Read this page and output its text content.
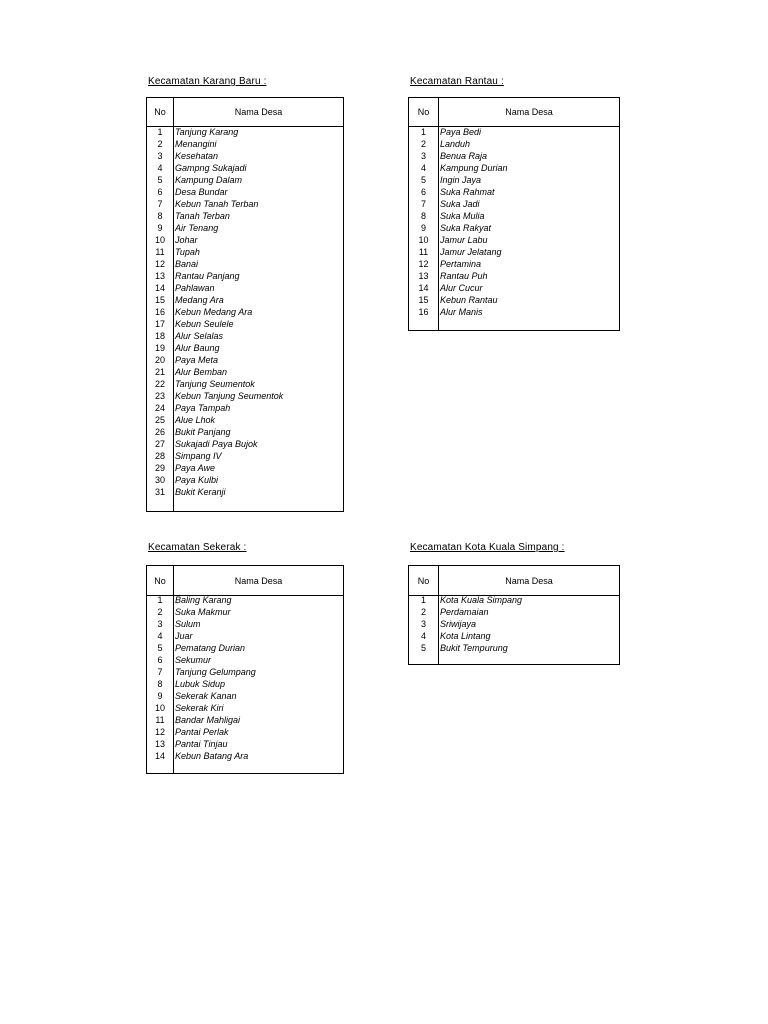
Kecamatan Karang Baru :
No	Nama Desa
1	Tanjung Karang
2	Menangini
3	Kesehatan
4	Gampng Sukajadi
5	Kampung Dalam
6	Desa Bundar
7	Kebun Tanah Terban
8	Tanah Terban
9	Air Tenang
10	Johar
11	Tupah
12	Banai
13	Rantau Panjang
14	Pahlawan
15	Medang Ara
16	Kebun Medang Ara
17	Kebun Seulele
18	Alur Selalas
19	Alur Baung
20	Paya Meta
21	Alur Bemban
22	Tanjung Seumentok
23	Kebun Tanjung Seumentok
24	Paya Tampah
25	Alue Lhok
26	Bukit Panjang
27	Sukajadi Paya Bujok
28	Simpang IV
29	Paya Awe
30	Paya Kulbi
31	Bukit Keranji
Kecamatan Rantau :
No	Nama Desa
1	Paya Bedi
2	Landuh
3	Benua Raja
4	Kampung Durian
5	Ingin Jaya
6	Suka Rahmat
7	Suka Jadi
8	Suka Mulia
9	Suka Rakyat
10	Jamur Labu
11	Jamur Jelatang
12	Pertamina
13	Rantau Puh
14	Alur Cucur
15	Kebun Rantau
16	Alur Manis
Kecamatan Sekerak :
No	Nama Desa
1	Baling Karang
2	Suka Makmur
3	Sulum
4	Juar
5	Pematang Durian
6	Sekumur
7	Tanjung Gelumpang
8	Lubuk Sidup
9	Sekerak Kanan
10	Sekerak Kiri
11	Bandar Mahligai
12	Pantai Perlak
13	Pantai Tinjau
14	Kebun Batang Ara
Kecamatan Kota Kuala Simpang :
No	Nama Desa
1	Kota Kuala Simpang
2	Perdamaian
3	Sriwijaya
4	Kota Lintang
5	Bukit Tempurung
